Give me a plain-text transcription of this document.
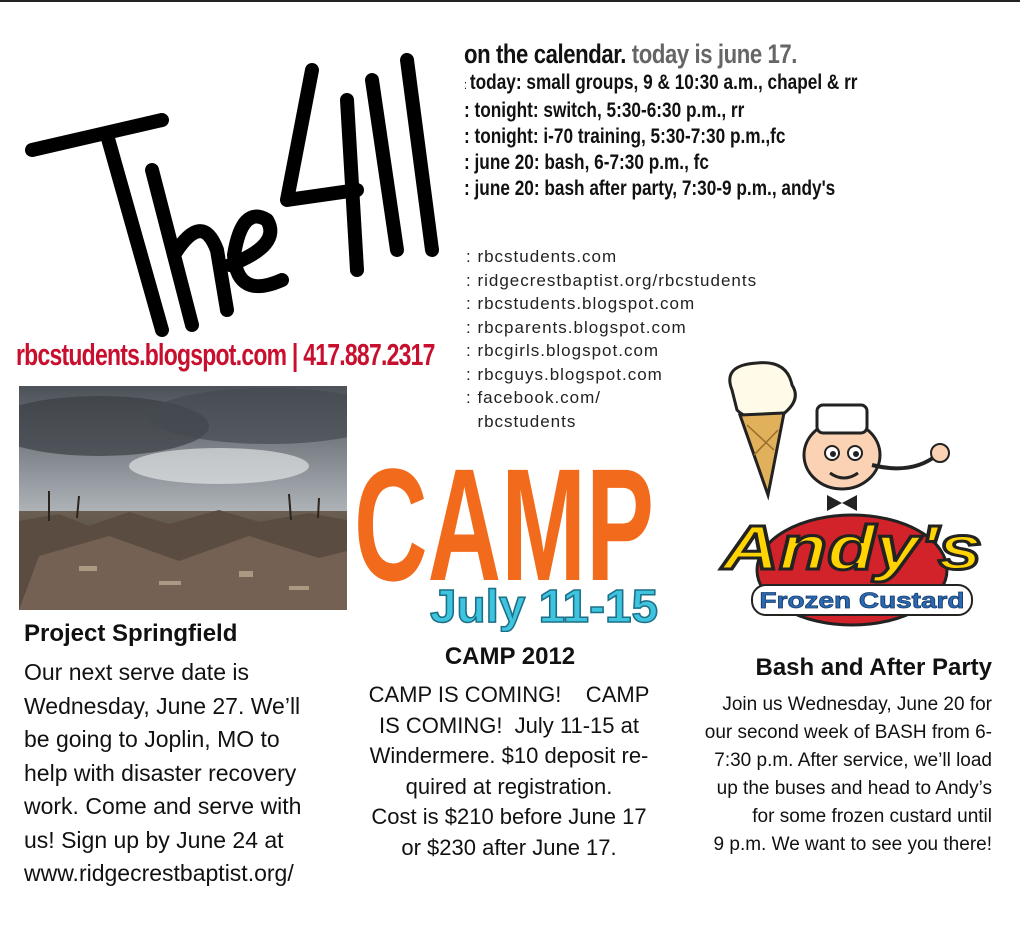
on the calendar. today is june 17.
: today: small groups, 9 & 10:30 a.m., chapel & rr
: tonight: switch, 5:30-6:30 p.m., rr
: tonight: i-70 training, 5:30-7:30 p.m.,fc
: june 20: bash, 6-7:30 p.m., fc
: june 20: bash after party, 7:30-9 p.m., andy's
: rbcstudents.com
: ridgecrestbaptist.org/rbcstudents
: rbcstudents.blogspot.com
: rbcparents.blogspot.com
: rbcgirls.blogspot.com
: rbcguys.blogspot.com
: facebook.com/
rbcstudents
rbcstudents.blogspot.com | 417.887.2317
CAMP
July 11-15
Andy's
Frozen Custard
Project Springfield
Our next serve date is
Wednesday, June 27. We’ll
be going to Joplin, MO to
help with disaster recovery
work. Come and serve with
us! Sign up by June 24 at
www.ridgecrestbaptist.org/
CAMP 2012
CAMP IS COMING!    CAMP
IS COMING!  July 11-15 at
Windermere. $10 deposit re-
quired at registration.
Cost is $210 before June 17
or $230 after June 17.
Bash and After Party
Join us Wednesday, June 20 for
our second week of BASH from 6-
7:30 p.m. After service, we’ll load
up the buses and head to Andy’s
for some frozen custard until
9 p.m. We want to see you there!
